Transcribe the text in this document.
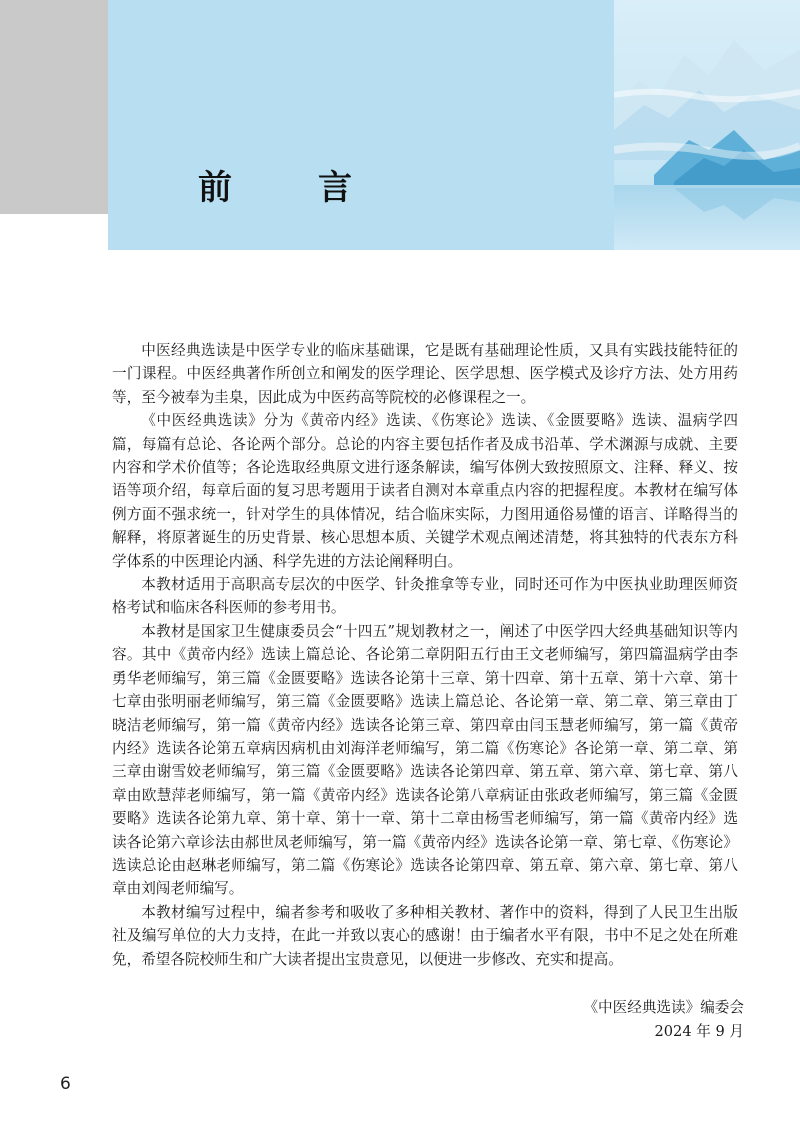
前　言

中医经典选读是中医学专业的临床基础课，它是既有基础理论性质，又具有实践技能特征的一门课程。中医经典著作所创立和阐发的医学理论、医学思想、医学模式及诊疗方法、处方用药等，至今被奉为圭臬，因此成为中医药高等院校的必修课程之一。

《中医经典选读》分为《黄帝内经》选读、《伤寒论》选读、《金匮要略》选读、温病学四篇，每篇有总论、各论两个部分。总论的内容主要包括作者及成书沿革、学术渊源与成就、主要内容和学术价值等；各论选取经典原文进行逐条解读，编写体例大致按照原文、注释、释义、按语等项介绍，每章后面的复习思考题用于读者自测对本章重点内容的把握程度。本教材在编写体例方面不强求统一，针对学生的具体情况，结合临床实际，力图用通俗易懂的语言、详略得当的解释，将原著诞生的历史背景、核心思想本质、关键学术观点阐述清楚，将其独特的代表东方科学体系的中医理论内涵、科学先进的方法论阐释明白。

本教材适用于高职高专层次的中医学、针灸推拿等专业，同时还可作为中医执业助理医师资格考试和临床各科医师的参考用书。

本教材是国家卫生健康委员会“十四五”规划教材之一，阐述了中医学四大经典基础知识等内容。其中《黄帝内经》选读上篇总论、各论第二章阴阳五行由王文老师编写，第四篇温病学由李勇华老师编写，第三篇《金匮要略》选读各论第十三章、第十四章、第十五章、第十六章、第十七章由张明丽老师编写，第三篇《金匮要略》选读上篇总论、各论第一章、第二章、第三章由丁晓洁老师编写，第一篇《黄帝内经》选读各论第三章、第四章由闫玉慧老师编写，第一篇《黄帝内经》选读各论第五章病因病机由刘海洋老师编写，第二篇《伤寒论》各论第一章、第二章、第三章由谢雪姣老师编写，第三篇《金匮要略》选读各论第四章、第五章、第六章、第七章、第八章由欧慧萍老师编写，第一篇《黄帝内经》选读各论第八章病证由张政老师编写，第三篇《金匮要略》选读各论第九章、第十章、第十一章、第十二章由杨雪老师编写，第一篇《黄帝内经》选读各论第六章诊法由郝世凤老师编写，第一篇《黄帝内经》选读各论第一章、第七章、《伤寒论》选读总论由赵琳老师编写，第二篇《伤寒论》选读各论第四章、第五章、第六章、第七章、第八章由刘闯老师编写。

本教材编写过程中，编者参考和吸收了多种相关教材、著作中的资料，得到了人民卫生出版社及编写单位的大力支持，在此一并致以衷心的感谢！由于编者水平有限，书中不足之处在所难免，希望各院校师生和广大读者提出宝贵意见，以便进一步修改、充实和提高。

《中医经典选读》编委会
2024 年 9 月
6
